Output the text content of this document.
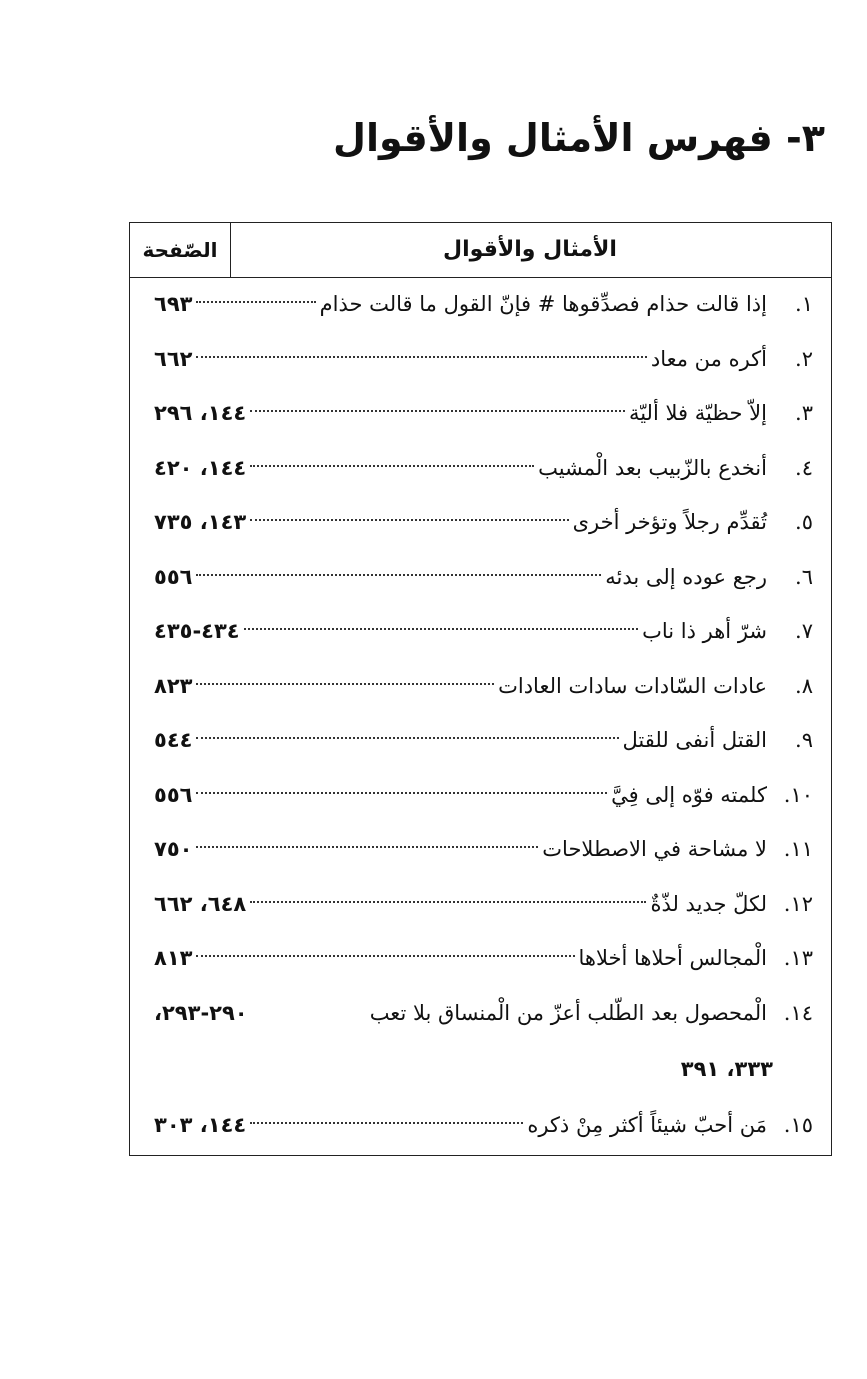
٣- فهرس الأمثال والأقوال
الأمثال والأقوال
الصّفحة
١.
إذا قالت حذام فصدِّقوها # فإنّ القول ما قالت حذام
٦٩٣
٢.
أكره من معاد
٦٦٢
٣.
إلاّ حظيّة فلا أليّة
١٤٤، ٢٩٦
٤.
أنخدع بالزّبيب بعد الْمشيب
١٤٤، ٤٢٠
٥.
تُقدِّم رجلاً وتؤخر أخرى
١٤٣، ٧٣٥
٦.
رجع عوده إلى بدئه
٥٥٦
٧.
شرّ أهر ذا ناب
٤٣٤-٤٣٥
٨.
عادات السّادات سادات العادات
٨٢٣
٩.
القتل أنفى للقتل
٥٤٤
١٠.
كلمته فوّه إلى فِيَّ
٥٥٦
١١.
لا مشاحة في الاصطلاحات
٧٥٠
١٢.
لكلّ جديد لذّةٌ
٦٤٨، ٦٦٢
١٣.
الْمجالس أحلاها أخلاها
٨١٣
١٤.
الْمحصول بعد الطّلب أعزّ من الْمنساق بلا تعب
٢٩٠-٢٩٣،
٣٣٣، ٣٩١
١٥.
مَن أحبّ شيئاً أكثر مِنْ ذكره
١٤٤، ٣٠٣
